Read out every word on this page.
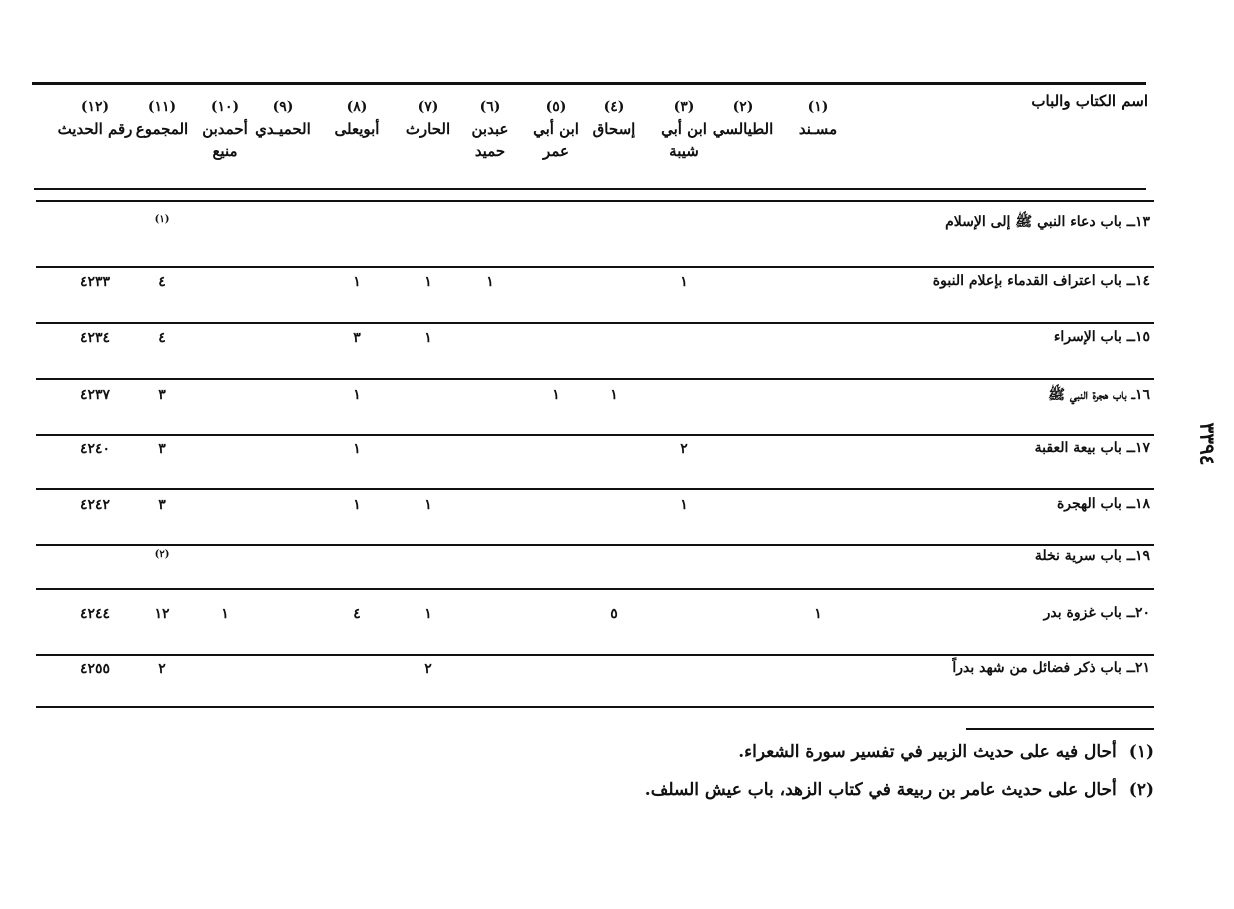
اسم الكتاب والباب
(١)
مسـند
(٢)
الطيالسي
(٣)
ابن أبي
شيبة
(٤)
إسحاق
(٥)
ابن أبي
عمر
(٦)
عبدبن
حميد
(٧)
الحارث
(٨)
أبويعلى
(٩)
الحميـدي
(١٠)
أحمدبن
منيع
(١١)
المجموع
(١٢)
رقم الحديث
١٣ــ باب دعاء النبي ﷺ إلى الإسلام
(١)
١٤ــ باب اعتراف القدماء بإعلام النبوة
١
١
١
١
٤
٤٢٣٣
١٥ــ باب الإسراء
١
٣
٤
٤٢٣٤
١٦ــ باب هجرة النبي ﷺ
١
١
١
٣
٤٢٣٧
١٧ــ باب بيعة العقبة
٢
١
٣
٤٢٤٠
١٨ــ باب الهجرة
١
١
١
٣
٤٢٤٢
١٩ــ باب سرية نخلة
(٢)
٢٠ــ باب غزوة بدر
١
٥
١
٤
١
١٢
٤٢٤٤
٢١ــ باب ذكر فضائل من شهد بدراً
٢
٢
٤٢٥٥
(١)أحال فيه على حديث الزبير في تفسير سورة الشعراء.
(٢)أحال على حديث عامر بن ربيعة في كتاب الزهد، باب عيش السلف.
٣٣٩٤
